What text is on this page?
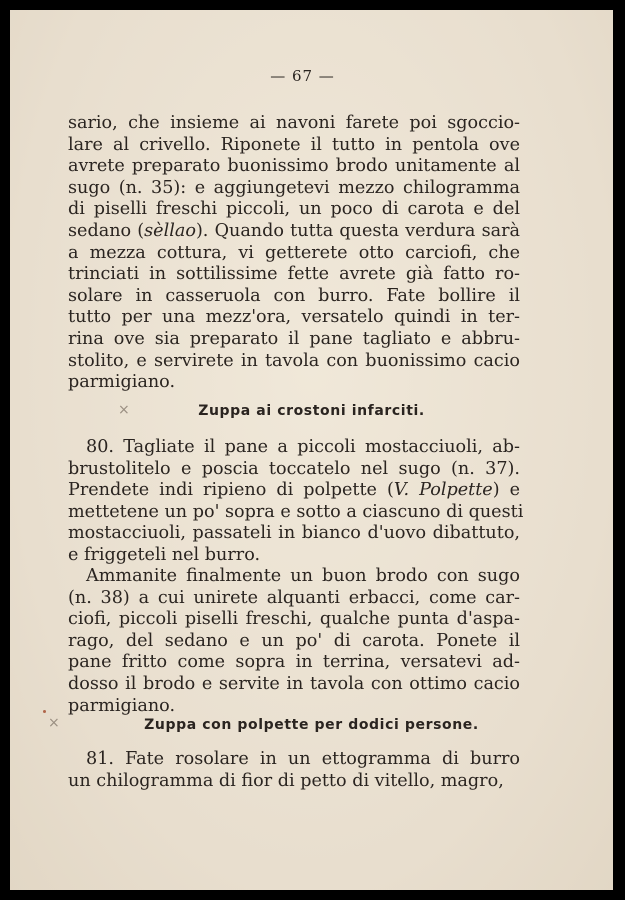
— 67 —

sario, che insieme ai navoni farete poi sgoccio-
lare al crivello. Riponete il tutto in pentola ove
avrete preparato buonissimo brodo unitamente al
sugo (n. 35): e aggiungetevi mezzo chilogramma
di piselli freschi piccoli, un poco di carota e del
sedano (sèllao). Quando tutta questa verdura sarà
a mezza cottura, vi getterete otto carciofi, che
trinciati in sottilissime fette avrete già fatto ro-
solare in casseruola con burro. Fate bollire il
tutto per una mezz'ora, versatelo quindi in ter-
rina ove sia preparato il pane tagliato e abbru-
stolito, e servirete in tavola con buonissimo cacio
parmigiano.

×	Zuppa ai crostoni infarciti.

80. Tagliate il pane a piccoli mostacciuoli, ab-
brustolitelo e poscia toccatelo nel sugo (n. 37).
Prendete indi ripieno di polpette (V. Polpette) e
mettetene un po' sopra e sotto a ciascuno di questi
mostacciuoli, passateli in bianco d'uovo dibattuto,
e friggeteli nel burro.

Ammanite finalmente un buon brodo con sugo
(n. 38) a cui unirete alquanti erbacci, come car-
ciofi, piccoli piselli freschi, qualche punta d'aspa-
rago, del sedano e un po' di carota. Ponete il
pane fritto come sopra in terrina, versatevi ad-
dosso il brodo e servite in tavola con ottimo cacio
parmigiano.

×	Zuppa con polpette per dodici persone.

81. Fate rosolare in un ettogramma di burro
un chilogramma di fior di petto di vitello, magro,
